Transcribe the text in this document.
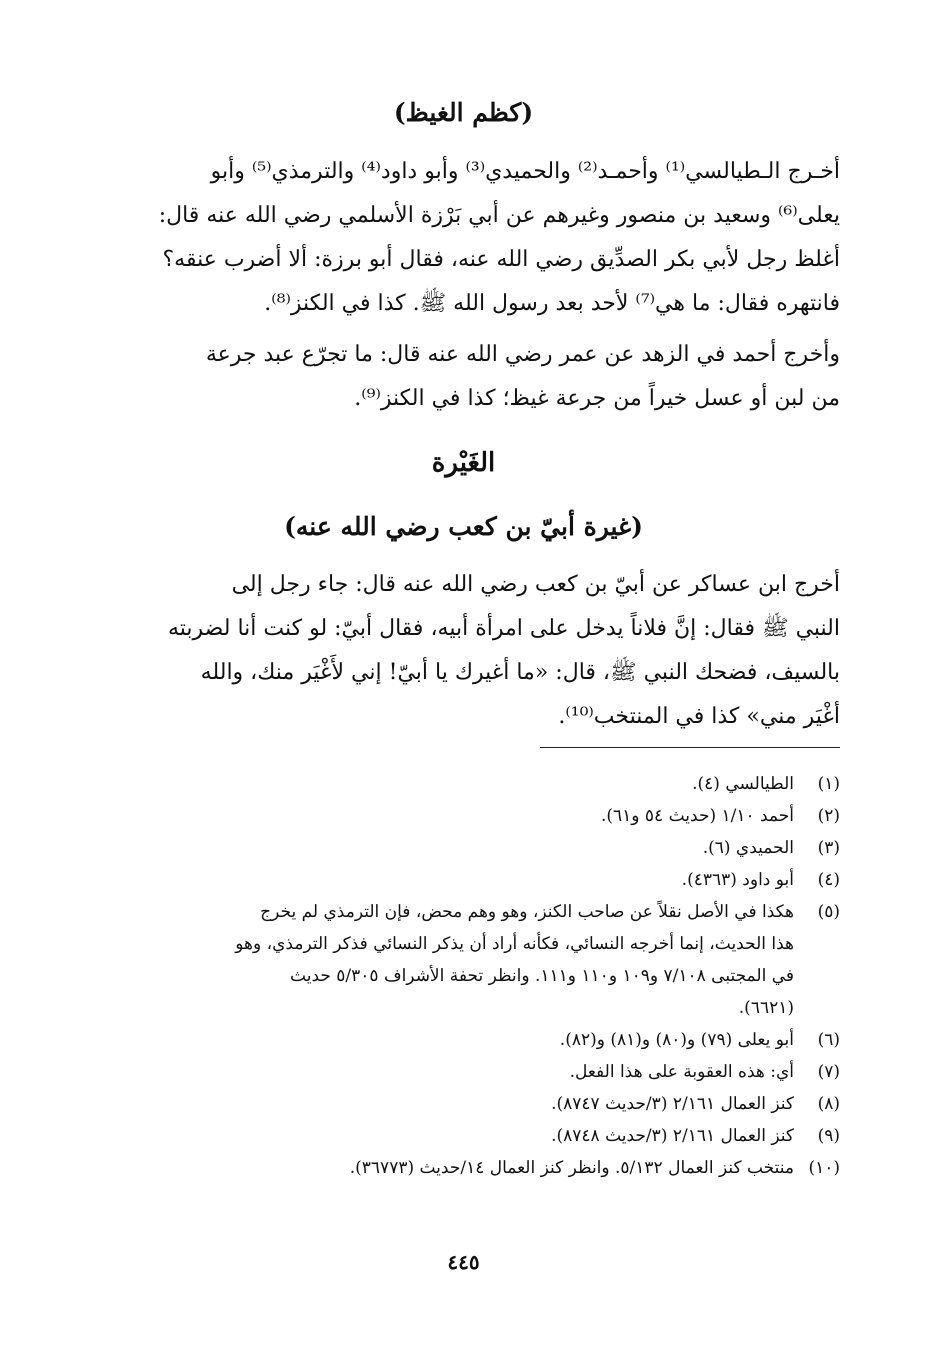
(كظم الغيظ)
أخـرج الـطيالسي⁽¹⁾ وأحمـد⁽²⁾ والحميدي⁽³⁾ وأبو داود⁽⁴⁾ والترمذي⁽⁵⁾ وأبو
يعلى⁽⁶⁾ وسعيد بن منصور وغيرهم عن أبي بَرْزة الأسلمي رضي الله عنه قال:
أغلظ رجل لأبي بكر الصدِّيق رضي الله عنه، فقال أبو برزة: ألا أضرب عنقه؟
فانتهره فقال: ما هي⁽⁷⁾ لأحد بعد رسول الله ﷺ. كذا في الكنز⁽⁸⁾.
وأخرج أحمد في الزهد عن عمر رضي الله عنه قال: ما تجرّع عبد جرعة
من لبن أو عسل خيراً من جرعة غيظ؛ كذا في الكنز⁽⁹⁾.
الغَيْرة
(غيرة أبيّ بن كعب رضي الله عنه)
أخرج ابن عساكر عن أبيّ بن كعب رضي الله عنه قال: جاء رجل إلى
النبي ﷺ فقال: إنَّ فلاناً يدخل على امرأة أبيه، فقال أبيّ: لو كنت أنا لضربته
بالسيف، فضحك النبي ﷺ، قال: «ما أغيرك يا أبيّ! إني لأَغْيَر منك، والله
أغْيَر مني» كذا في المنتخب⁽¹⁰⁾.
(١)
الطيالسي (٤).
(٢)
أحمد ١/١٠ (حديث ٥٤ و٦١).
(٣)
الحميدي (٦).
(٤)
أبو داود (٤٣٦٣).
(٥)
هكذا في الأصل نقلاً عن صاحب الكنز، وهو وهم محض، فإن الترمذي لم يخرج
هذا الحديث، إنما أخرجه النسائي، فكأنه أراد أن يذكر النسائي فذكر الترمذي، وهو
في المجتبى ٧/١٠٨ و١٠٩ و١١٠ و١١١. وانظر تحفة الأشراف ٥/٣٠٥ حديث
(٦٦٢١).
(٦)
أبو يعلى (٧٩) و(٨٠) و(٨١) و(٨٢).
(٧)
أي: هذه العقوبة على هذا الفعل.
(٨)
كنز العمال ٢/١٦١ (٣/حديث ٨٧٤٧).
(٩)
كنز العمال ٢/١٦١ (٣/حديث ٨٧٤٨).
(١٠)
منتخب كنز العمال ٥/١٣٢. وانظر كنز العمال ١٤/حديث (٣٦٧٧٣).
٤٤٥
